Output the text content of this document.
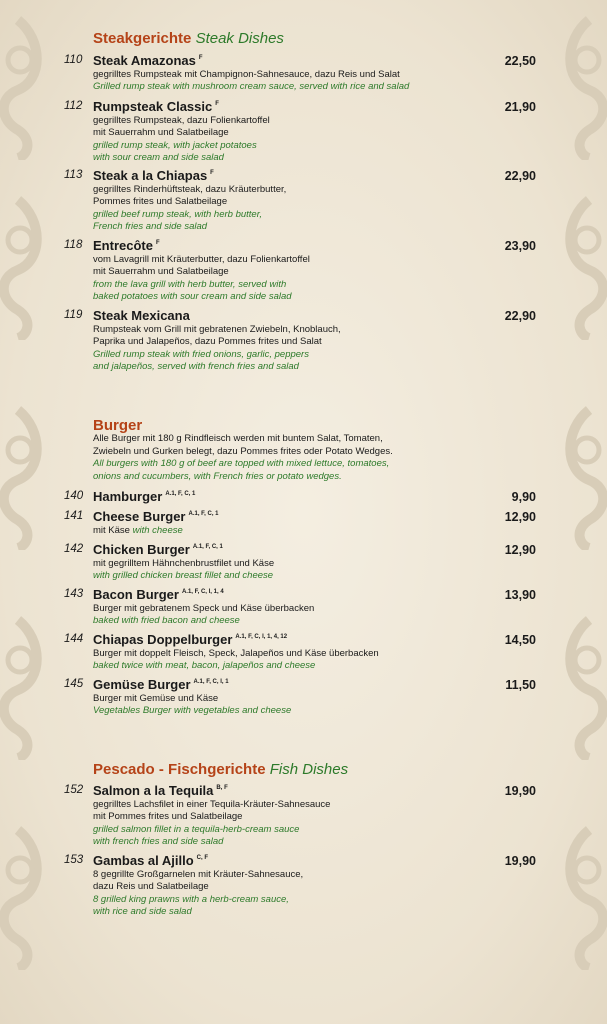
Steakgerichte Steak Dishes
110 Steak Amazonas $^F$	22,50
gegrilltes Rumpsteak mit Champignon-Sahnesauce, dazu Reis und Salat
Grilled rump steak with mushroom cream sauce, served with rice and salad
112 Rumpsteak Classic $^F$	21,90
gegrilltes Rumpsteak, dazu Folienkartoffel
mit Sauerrahm und Salatbeilage
grilled rump steak, with jacket potatoes
with sour cream and side salad
113 Steak a la Chiapas $^F$	22,90
gegrilltes Rinderhüftsteak, dazu Kräuterbutter,
Pommes frites und Salatbeilage
grilled beef rump steak, with herb butter,
French fries and side salad
118 Entrecôte $^F$	23,90
vom Lavagrill mit Kräuterbutter, dazu Folienkartoffel
mit Sauerrahm und Salatbeilage
from the lava grill with herb butter, served with
baked potatoes with sour cream and side salad
119 Steak Mexicana	22,90
Rumpsteak vom Grill mit gebratenen Zwiebeln, Knoblauch,
Paprika und Jalapeños, dazu Pommes frites und Salat
Grilled rump steak with fried onions, garlic, peppers
and jalapeños, served with french fries and salad
Burger
Alle Burger mit 180 g Rindfleisch werden mit buntem Salat, Tomaten,
Zwiebeln und Gurken belegt, dazu Pommes frites oder Potato Wedges.
All burgers with 180 g of beef are topped with mixed lettuce, tomatoes,
onions and cucumbers, with French fries or potato wedges.
140 Hamburger $^{A.1, F, C, 1}$	9,90
141 Cheese Burger $^{A.1, F, C, 1}$	12,90
mit Käse with cheese
142 Chicken Burger $^{A.1, F, C, 1}$	12,90
mit gegrilltem Hähnchenbrustfilet und Käse
with grilled chicken breast fillet and cheese
143 Bacon Burger $^{A.1, F, C, I, 1, 4}$	13,90
Burger mit gebratenem Speck und Käse überbacken
baked with fried bacon and cheese
144 Chiapas Doppelburger $^{A.1, F, C, I, 1, 4, 12}$	14,50
Burger mit doppelt Fleisch, Speck, Jalapeños und Käse überbacken
baked twice with meat, bacon, jalapeños and cheese
145 Gemüse Burger $^{A.1, F, C, I, 1}$	11,50
Burger mit Gemüse und Käse
Vegetables Burger with vegetables and cheese
Pescado - Fischgerichte Fish Dishes
152 Salmon a la Tequila $^{B, F}$	19,90
gegrilltes Lachsfilet in einer Tequila-Kräuter-Sahnesauce
mit Pommes frites und Salatbeilage
grilled salmon fillet in a tequila-herb-cream sauce
with french fries and side salad
153 Gambas al Ajillo $^{C, F}$	19,90
8 gegrillte Großgarnelen mit Kräuter-Sahnesauce,
dazu Reis und Salatbeilage
8 grilled king prawns with a herb-cream sauce,
with rice and side salad
